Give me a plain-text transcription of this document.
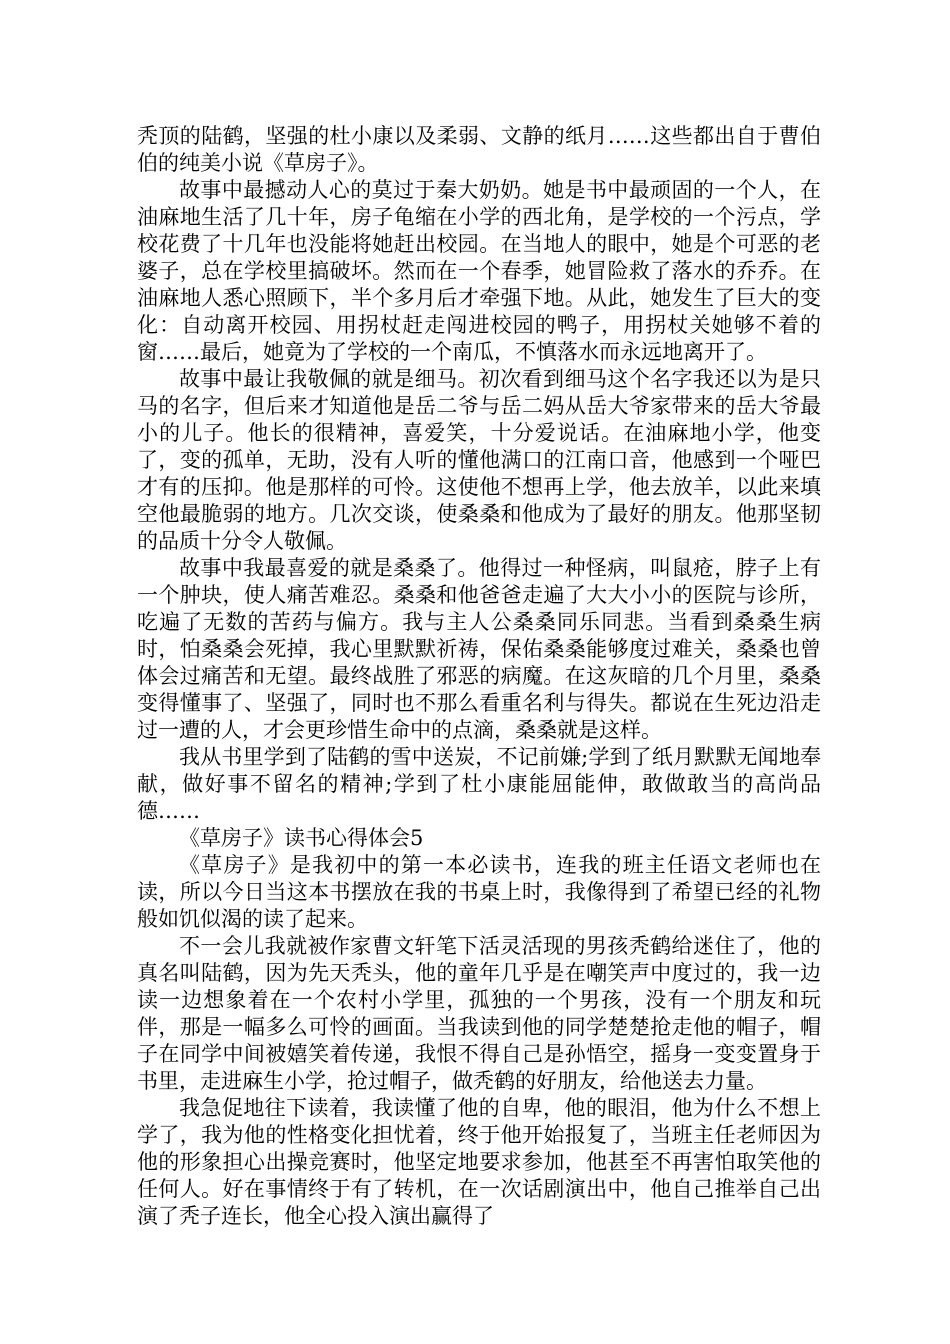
秃顶的陆鹤，坚强的杜小康以及柔弱、文静的纸月……这些都出自于曹伯伯的纯美小说《草房子》。

故事中最撼动人心的莫过于秦大奶奶。她是书中最顽固的一个人，在油麻地生活了几十年，房子龟缩在小学的西北角，是学校的一个污点，学校花费了十几年也没能将她赶出校园。在当地人的眼中，她是个可恶的老婆子，总在学校里搞破坏。然而在一个春季，她冒险救了落水的乔乔。在油麻地人悉心照顾下，半个多月后才牵强下地。从此，她发生了巨大的变化：自动离开校园、用拐杖赶走闯进校园的鸭子，用拐杖关她够不着的窗……最后，她竟为了学校的一个南瓜，不慎落水而永远地离开了。

故事中最让我敬佩的就是细马。初次看到细马这个名字我还以为是只马的名字，但后来才知道他是岳二爷与岳二妈从岳大爷家带来的岳大爷最小的儿子。他长的很精神，喜爱笑，十分爱说话。在油麻地小学，他变了，变的孤单，无助，没有人听的懂他满口的江南口音，他感到一个哑巴才有的压抑。他是那样的可怜。这使他不想再上学，他去放羊，以此来填空他最脆弱的地方。几次交谈，使桑桑和他成为了最好的朋友。他那坚韧的品质十分令人敬佩。

故事中我最喜爱的就是桑桑了。他得过一种怪病，叫鼠疮，脖子上有一个肿块，使人痛苦难忍。桑桑和他爸爸走遍了大大小小的医院与诊所，吃遍了无数的苦药与偏方。我与主人公桑桑同乐同悲。当看到桑桑生病时，怕桑桑会死掉，我心里默默祈祷，保佑桑桑能够度过难关，桑桑也曾体会过痛苦和无望。最终战胜了邪恶的病魔。在这灰暗的几个月里，桑桑变得懂事了、坚强了，同时也不那么看重名利与得失。都说在生死边沿走过一遭的人，才会更珍惜生命中的点滴，桑桑就是这样。

我从书里学到了陆鹤的雪中送炭，不记前嫌;学到了纸月默默无闻地奉献，做好事不留名的精神;学到了杜小康能屈能伸，敢做敢当的高尚品德……

《草房子》读书心得体会5

《草房子》是我初中的第一本必读书，连我的班主任语文老师也在读，所以今日当这本书摆放在我的书桌上时，我像得到了希望已经的礼物般如饥似渴的读了起来。

不一会儿我就被作家曹文轩笔下活灵活现的男孩秃鹤给迷住了，他的真名叫陆鹤，因为先天秃头，他的童年几乎是在嘲笑声中度过的，我一边读一边想象着在一个农村小学里，孤独的一个男孩，没有一个朋友和玩伴，那是一幅多么可怜的画面。当我读到他的同学楚楚抢走他的帽子，帽子在同学中间被嬉笑着传递，我恨不得自己是孙悟空，摇身一变变置身于书里，走进麻生小学，抢过帽子，做秃鹤的好朋友，给他送去力量。

我急促地往下读着，我读懂了他的自卑，他的眼泪，他为什么不想上学了，我为他的性格变化担忧着，终于他开始报复了，当班主任老师因为他的形象担心出操竞赛时，他坚定地要求参加，他甚至不再害怕取笑他的任何人。好在事情终于有了转机，在一次话剧演出中，他自己推举自己出演了秃子连长，他全心投入演出赢得了
